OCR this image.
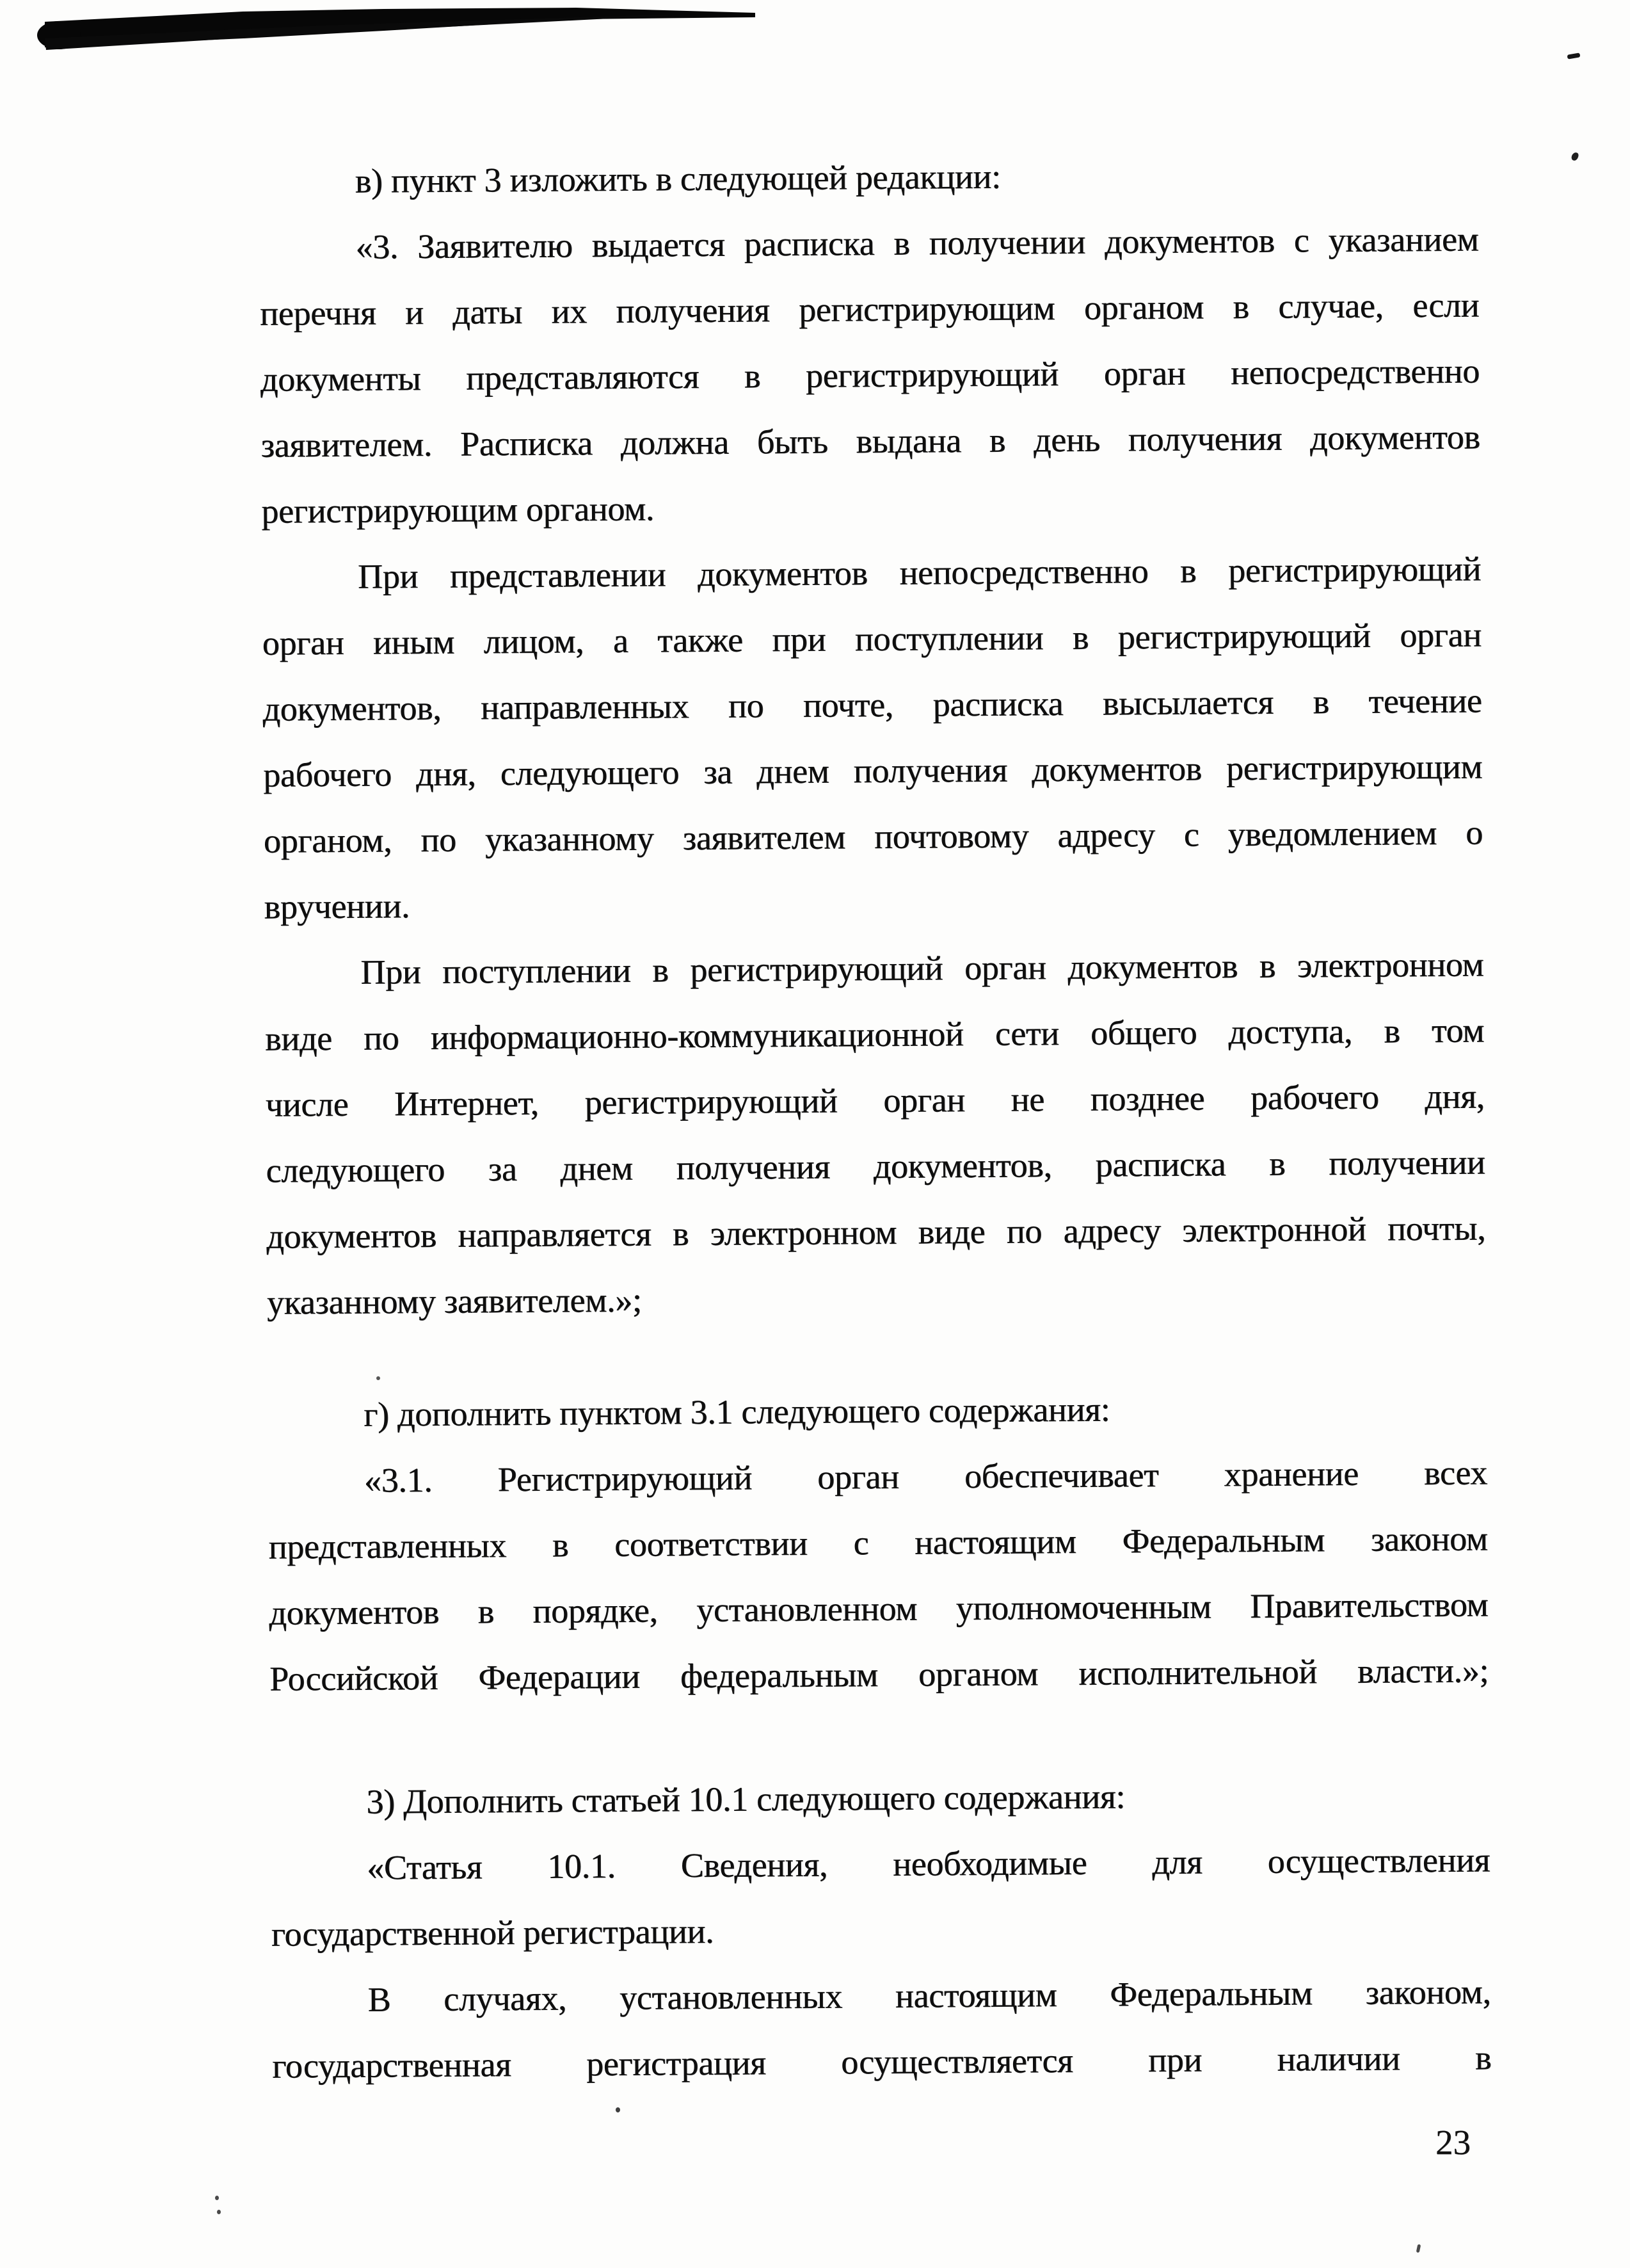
в) пункт 3 изложить в следующей редакции:
«3. Заявителю выдается расписка в получении документов с указанием
перечня и даты их получения регистрирующим органом в случае, если
документы представляются в регистрирующий орган непосредственно
заявителем. Расписка должна быть выдана в день получения документов
регистрирующим органом.
При представлении документов непосредственно в регистрирующий
орган иным лицом, а также при поступлении в регистрирующий орган
документов, направленных по почте, расписка высылается в течение
рабочего дня, следующего за днем получения документов регистрирующим
органом, по указанному заявителем почтовому адресу с уведомлением о
вручении.
При поступлении в регистрирующий орган документов в электронном
виде по информационно-коммуникационной сети общего доступа, в том
числе Интернет, регистрирующий орган не позднее рабочего дня,
следующего за днем получения документов, расписка в получении
документов направляется в электронном виде по адресу электронной почты,
указанному заявителем.»;
г) дополнить пунктом 3.1 следующего содержания:
«3.1. Регистрирующий орган обеспечивает хранение всех
представленных в соответствии с настоящим Федеральным законом
документов в порядке, установленном уполномоченным Правительством
Российской Федерации федеральным органом исполнительной власти.»;
3) Дополнить статьей 10.1 следующего содержания:
«Статья 10.1. Сведения, необходимые для осуществления
государственной регистрации.
В случаях, установленных настоящим Федеральным законом,
государственная регистрация осуществляется при наличии в
23
